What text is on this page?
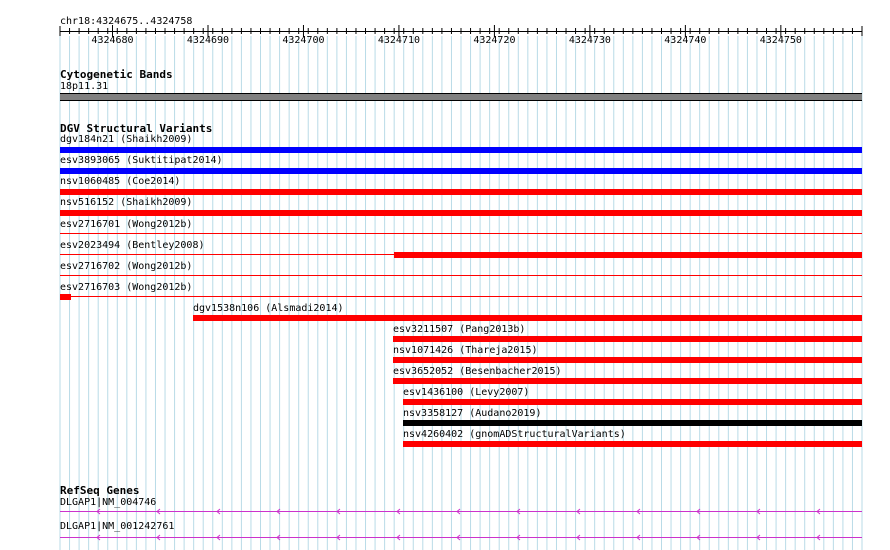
chr18:4324675..4324758
4324680	4324690	4324700	4324710	4324720	4324730	4324740	4324750
Cytogenetic Bands
18p11.31
DGV Structural Variants
dgv184n21 (Shaikh2009)
esv3893065 (Suktitipat2014)
nsv1060485 (Coe2014)
nsv516152 (Shaikh2009)
esv2716701 (Wong2012b)
esv2023494 (Bentley2008)
esv2716702 (Wong2012b)
esv2716703 (Wong2012b)
dgv1538n106 (Alsmadi2014)
esv3211507 (Pang2013b)
nsv1071426 (Thareja2015)
esv3652052 (Besenbacher2015)
esv1436100 (Levy2007)
nsv3358127 (Audano2019)
nsv4260402 (gnomADStructuralVariants)
RefSeq Genes
DLGAP1|NM_004746
DLGAP1|NM_001242761
